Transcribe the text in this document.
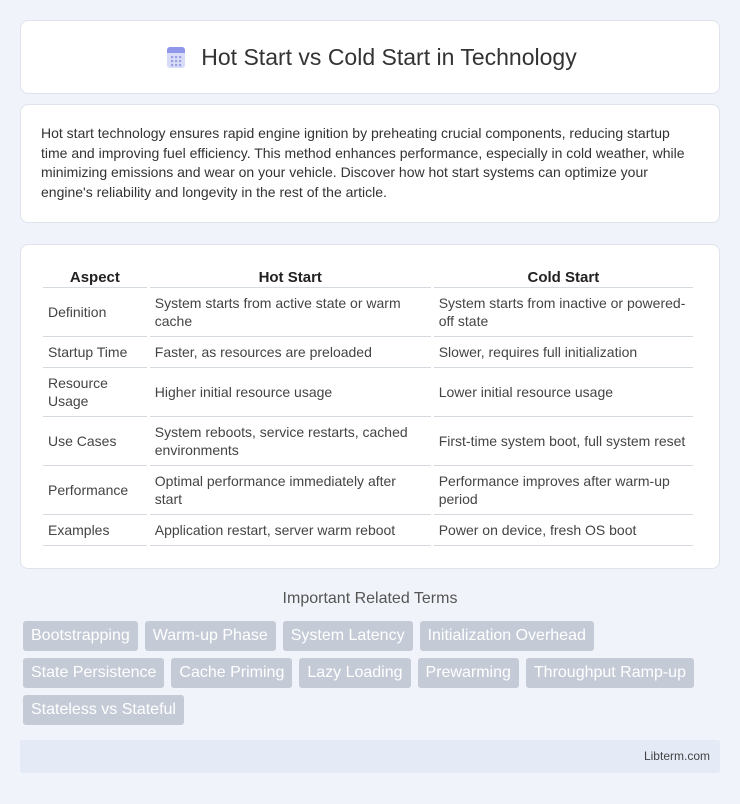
Hot Start vs Cold Start in Technology

Hot start technology ensures rapid engine ignition by preheating crucial components, reducing startup time and improving fuel efficiency. This method enhances performance, especially in cold weather, while minimizing emissions and wear on your vehicle. Discover how hot start systems can optimize your engine's reliability and longevity in the rest of the article.

Aspect	Hot Start	Cold Start
Definition	System starts from active state or warm cache	System starts from inactive or powered-off state
Startup Time	Faster, as resources are preloaded	Slower, requires full initialization
Resource Usage	Higher initial resource usage	Lower initial resource usage
Use Cases	System reboots, service restarts, cached environments	First-time system boot, full system reset
Performance	Optimal performance immediately after start	Performance improves after warm-up period
Examples	Application restart, server warm reboot	Power on device, fresh OS boot
Important Related Terms
Bootstrapping	Warm-up Phase	System Latency	Initialization Overhead
State Persistence	Cache Priming	Lazy Loading	Prewarming	Throughput Ramp-up
Stateless vs Stateful
Libterm.com
